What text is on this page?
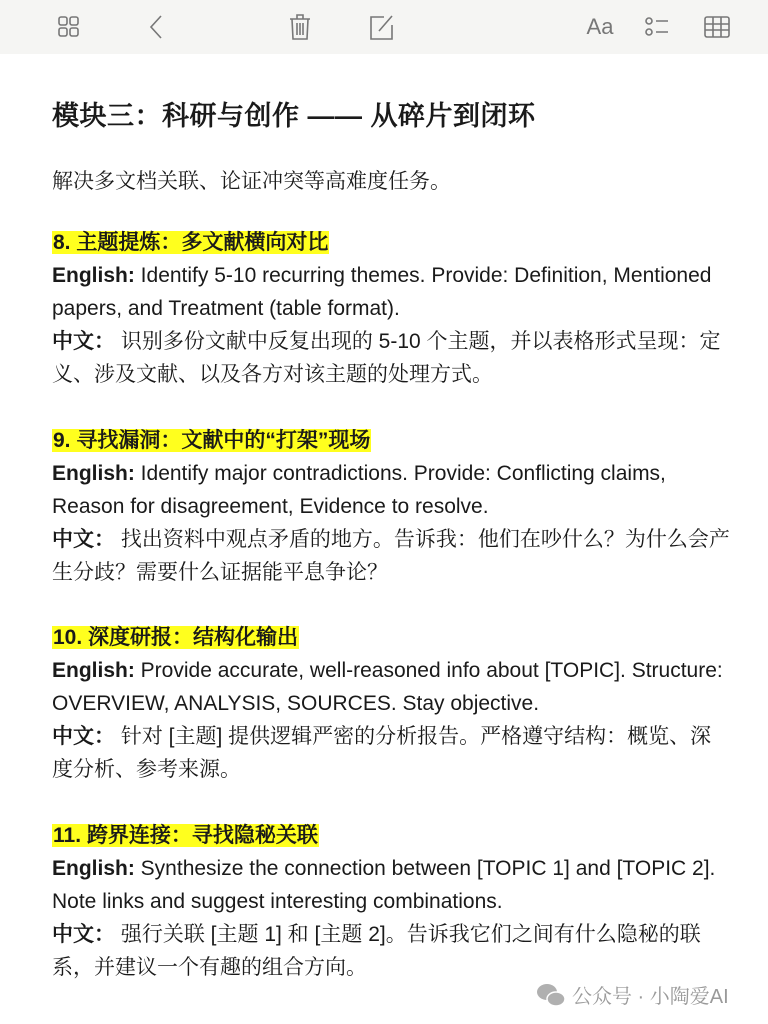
Aa
模块三：科研与创作 —— 从碎片到闭环
解决多文档关联、论证冲突等高难度任务。
8. 主题提炼：多文献横向对比
English: Identify 5-10 recurring themes. Provide: Definition, Mentioned papers, and Treatment (table format).
中文： 识别多份文献中反复出现的 5-10 个主题，并以表格形式呈现：定义、涉及文献、以及各方对该主题的处理方式。
9. 寻找漏洞：文献中的“打架”现场
English: Identify major contradictions. Provide: Conflicting claims, Reason for disagreement, Evidence to resolve.
中文： 找出资料中观点矛盾的地方。告诉我：他们在吵什么？为什么会产生分歧？需要什么证据能平息争论？
10. 深度研报：结构化输出
English: Provide accurate, well-reasoned info about [TOPIC]. Structure: OVERVIEW, ANALYSIS, SOURCES. Stay objective.
中文： 针对 [主题] 提供逻辑严密的分析报告。严格遵守结构：概览、深度分析、参考来源。
11. 跨界连接：寻找隐秘关联
English: Synthesize the connection between [TOPIC 1] and [TOPIC 2]. Note links and suggest interesting combinations.
中文： 强行关联 [主题 1] 和 [主题 2]。告诉我它们之间有什么隐秘的联系，并建议一个有趣的组合方向。
公众号 · 小陶爱AI
